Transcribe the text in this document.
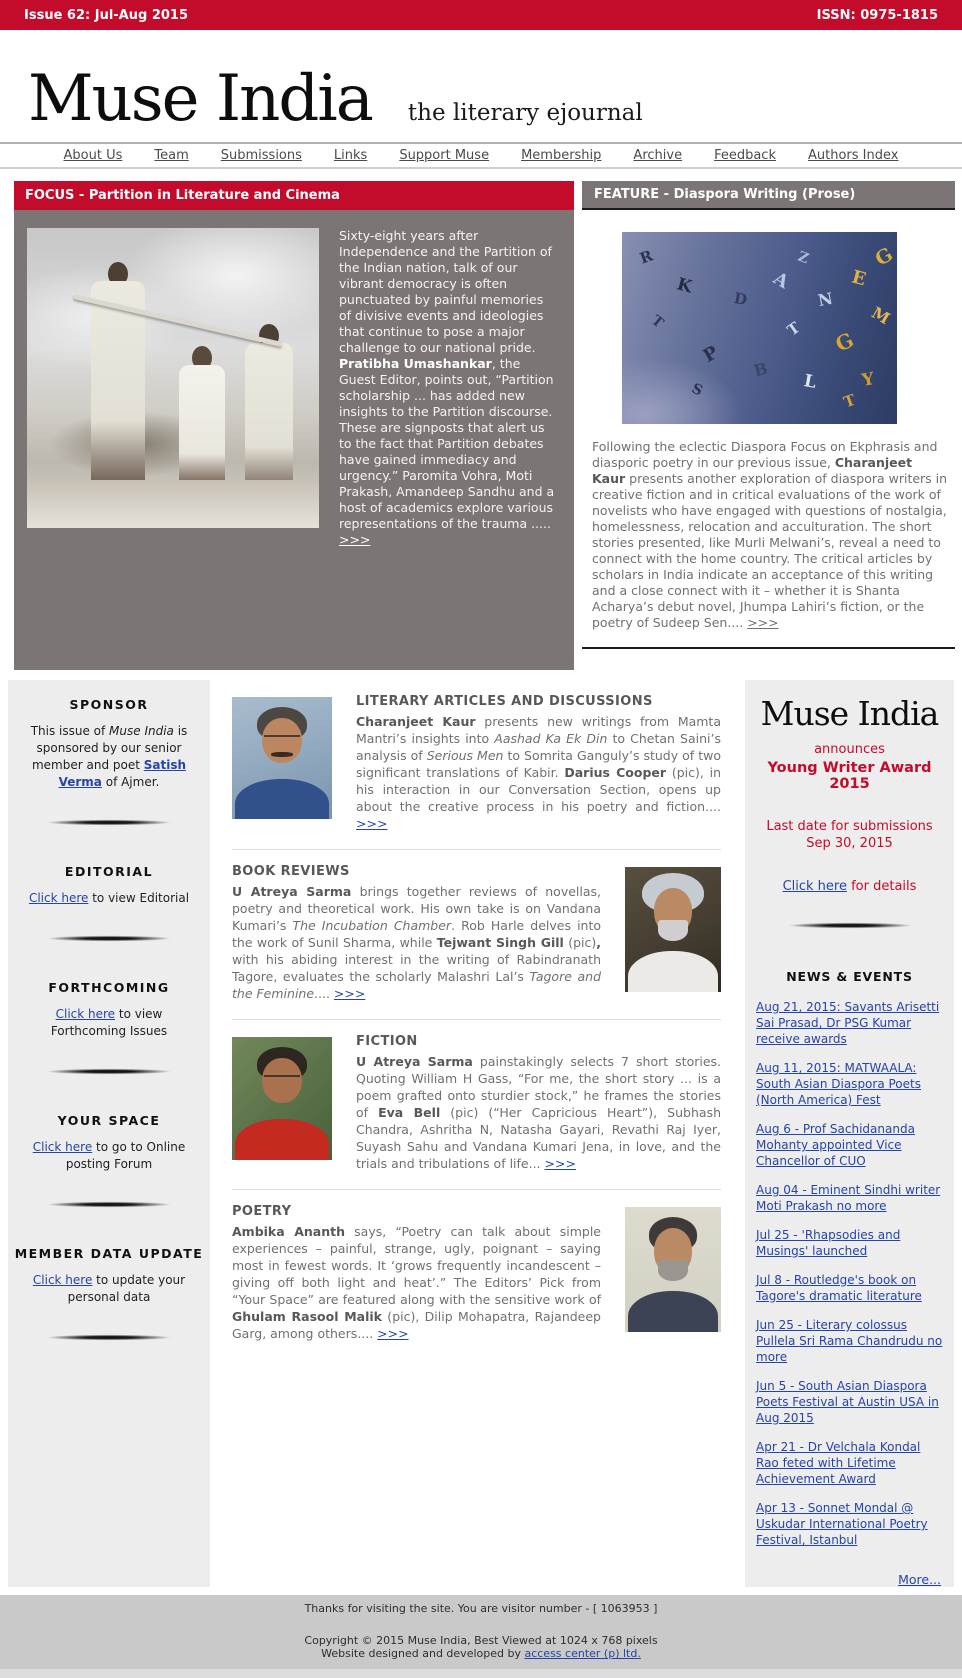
Issue 62: Jul-Aug 2015	ISSN: 0975-1815
Muse India the literary ejournal
About Us Team Submissions Links Support Muse Membership Archive Feedback Authors Index
FOCUS - Partition in Literature and Cinema
Sixty-eight years after Independence and the Partition of the Indian nation, talk of our vibrant democracy is often punctuated by painful memories of divisive events and ideologies that continue to pose a major challenge to our national pride. Pratibha Umashankar, the Guest Editor, points out, “Partition scholarship ... has added new insights to the Partition discourse. These are signposts that alert us to the fact that Partition debates have gained immediacy and urgency.” Paromita Vohra, Moti Prakash, Amandeep Sandhu and a host of academics explore various representations of the trauma ..... >>>
FEATURE - Diaspora Writing (Prose)
R
K
T
P
D
S
B
A
T
L
N
Z
G
E
Y
M
T
G
Following the eclectic Diaspora Focus on Ekphrasis and diasporic poetry in our previous issue, Charanjeet Kaur presents another exploration of diaspora writers in creative fiction and in critical evaluations of the work of novelists who have engaged with questions of nostalgia, homelessness, relocation and acculturation. The short stories presented, like Murli Melwani’s, reveal a need to connect with the home country. The critical articles by scholars in India indicate an acceptance of this writing and a close connect with it – whether it is Shanta Acharya’s debut novel, Jhumpa Lahiri’s fiction, or the poetry of Sudeep Sen.... >>>
SPONSOR
This issue of Muse India is sponsored by our senior member and poet Satish Verma of Ajmer.
EDITORIAL
Click here to view Editorial
FORTHCOMING
Click here to view Forthcoming Issues
YOUR SPACE
Click here to go to Online posting Forum
MEMBER DATA UPDATE
Click here to update your personal data
LITERARY ARTICLES AND DISCUSSIONS
Charanjeet Kaur presents new writings from Mamta Mantri’s insights into Aashad Ka Ek Din to Chetan Saini’s analysis of Serious Men to Somrita Ganguly’s study of two significant translations of Kabir. Darius Cooper (pic), in his interaction in our Conversation Section, opens up about the creative process in his poetry and fiction.... >>>
BOOK REVIEWS
U Atreya Sarma brings together reviews of novellas, poetry and theoretical work. His own take is on Vandana Kumari’s The Incubation Chamber. Rob Harle delves into the work of Sunil Sharma, while Tejwant Singh Gill (pic), with his abiding interest in the writing of Rabindranath Tagore, evaluates the scholarly Malashri Lal’s Tagore and the Feminine.... >>>
FICTION
U Atreya Sarma painstakingly selects 7 short stories. Quoting William H Gass, “For me, the short story ... is a poem grafted onto sturdier stock,” he frames the stories of Eva Bell (pic) (“Her Capricious Heart”), Subhash Chandra, Ashritha N, Natasha Gayari, Revathi Raj Iyer, Suyash Sahu and Vandana Kumari Jena, in love, and the trials and tribulations of life... >>>
POETRY
Ambika Ananth says, “Poetry can talk about simple experiences – painful, strange, ugly, poignant – saying most in fewest words. It ‘grows frequently incandescent – giving off both light and heat’.” The Editors’ Pick from “Your Space” are featured along with the sensitive work of Ghulam Rasool Malik (pic), Dilip Mohapatra, Rajandeep Garg, among others.... >>>
Muse India
announces
Young Writer Award 2015
Last date for submissions
Sep 30, 2015
Click here for details
NEWS & EVENTS
Aug 21, 2015: Savants Arisetti Sai Prasad, Dr PSG Kumar receive awards
Aug 11, 2015: MATWAALA: South Asian Diaspora Poets (North America) Fest
Aug 6 - Prof Sachidananda Mohanty appointed Vice Chancellor of CUO
Aug 04 - Eminent Sindhi writer Moti Prakash no more
Jul 25 - 'Rhapsodies and Musings' launched
Jul 8 - Routledge's book on Tagore's dramatic literature
Jun 25 - Literary colossus Pullela Sri Rama Chandrudu no more
Jun 5 - South Asian Diaspora Poets Festival at Austin USA in Aug 2015
Apr 21 - Dr Velchala Kondal Rao feted with Lifetime Achievement Award
Apr 13 - Sonnet Mondal @ Uskudar International Poetry Festival, Istanbul
More...
Thanks for visiting the site. You are visitor number - [ 1063953 ]
Copyright © 2015 Muse India, Best Viewed at 1024 x 768 pixels
Website designed and developed by access center (p) ltd.
